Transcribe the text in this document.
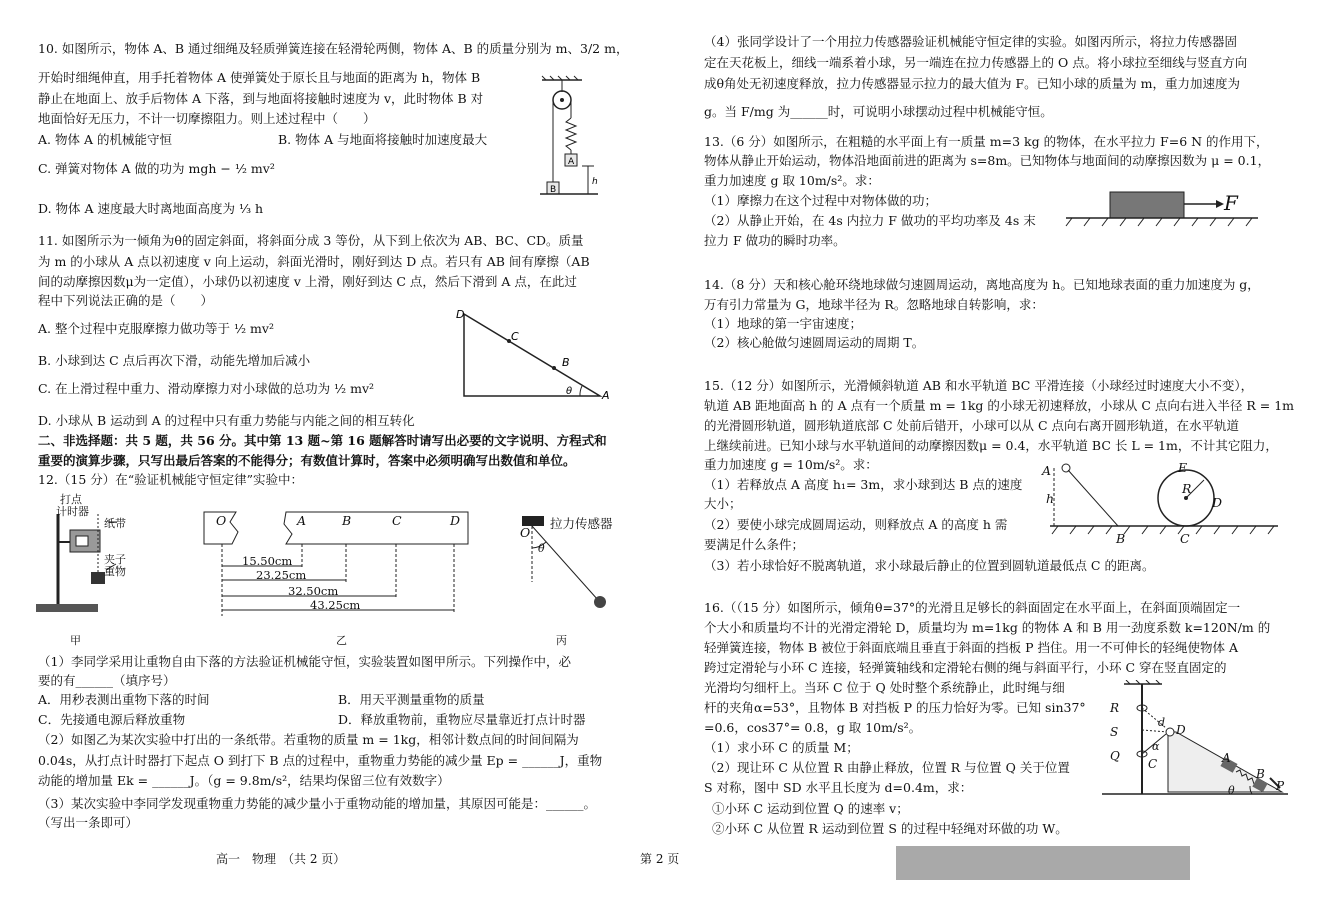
10. 如图所示，物体 A、B 通过细绳及轻质弹簧连接在轻滑轮两侧，物体 A、B 的质量分别为 m、3/2 m，
开始时细绳伸直，用手托着物体 A 使弹簧处于原长且与地面的距离为 h，物体 B
静止在地面上、放手后物体 A 下落，到与地面将接触时速度为 v，此时物体 B 对
地面恰好无压力，不计一切摩擦阻力。则上述过程中（　　）
A. 物体 A 的机械能守恒	B. 物体 A 与地面将接触时加速度最大
C. 弹簧对物体 A 做的功为 mgh − ½ mv²
D. 物体 A 速度最大时离地面高度为 ⅓ h
A
B
h
11. 如图所示为一倾角为θ的固定斜面，将斜面分成 3 等份，从下到上依次为 AB、BC、CD。质量
为 m 的小球从 A 点以初速度 v 向上运动，斜面光滑时，刚好到达 D 点。若只有 AB 间有摩擦（AB
间的动摩擦因数μ为一定值），小球仍以初速度 v 上滑，刚好到达 C 点，然后下滑到 A 点，在此过
程中下列说法正确的是（　　）
A. 整个过程中克服摩擦力做功等于 ½ mv²
B. 小球到达 C 点后再次下滑，动能先增加后减小
C. 在上滑过程中重力、滑动摩擦力对小球做的总功为 ½ mv²
D. 小球从 B 运动到 A 的过程中只有重力势能与内能之间的相互转化
D
C
B
A
θ
二、非选择题：共 5 题，共 56 分。其中第 13 题~第 16 题解答时请写出必要的文字说明、方程式和
重要的演算步骤，只写出最后答案的不能得分；有数值计算时，答案中必须明确写出数值和单位。
12.（15 分）在“验证机械能守恒定律”实验中：
打点
计时器
纸带
夹子
重物
甲
O	A	B	C	D
15.50cm
23.25cm
32.50cm
43.25cm
乙
拉力传感器
O
θ
丙
（1）李同学采用让重物自由下落的方法验证机械能守恒，实验装置如图甲所示。下列操作中，必
要的有______（填序号）
A．用秒表测出重物下落的时间	B．用天平测量重物的质量
C．先接通电源后释放重物	D．释放重物前，重物应尽量靠近打点计时器
（2）如图乙为某次实验中打出的一条纸带。若重物的质量 m = 1kg，相邻计数点间的时间间隔为
0.04s，从打点计时器打下起点 O 到打下 B 点的过程中，重物重力势能的减少量 Ep = ______J，重物
动能的增加量 Ek = ______J。（g = 9.8m/s²，结果均保留三位有效数字）
（3）某次实验中李同学发现重物重力势能的减少量小于重物动能的增加量，其原因可能是：______。
（写出一条即可）
高一　物理　（共 2 页）
（4）张同学设计了一个用拉力传感器验证机械能守恒定律的实验。如图丙所示，将拉力传感器固
定在天花板上，细线一端系着小球，另一端连在拉力传感器上的 O 点。将小球拉至细线与竖直方向
成θ角处无初速度释放，拉力传感器显示拉力的最大值为 F。已知小球的质量为 m，重力加速度为
g。当 F/mg 为______时，可说明小球摆动过程中机械能守恒。
13.（6 分）如图所示，在粗糙的水平面上有一质量 m=3 kg 的物体，在水平拉力 F=6 N 的作用下，
物体从静止开始运动，物体沿地面前进的距离为 s=8m。已知物体与地面间的动摩擦因数为 μ = 0.1，
重力加速度 g 取 10m/s²。求：
（1）摩擦力在这个过程中对物体做的功；
（2）从静止开始，在 4s 内拉力 F 做功的平均功率及 4s 末
拉力 F 做功的瞬时功率。
F
14.（8 分）天和核心舱环绕地球做匀速圆周运动，离地高度为 h。已知地球表面的重力加速度为 g，
万有引力常量为 G，地球半径为 R。忽略地球自转影响，求：
（1）地球的第一宇宙速度；
（2）核心舱做匀速圆周运动的周期 T。
15.（12 分）如图所示，光滑倾斜轨道 AB 和水平轨道 BC 平滑连接（小球经过时速度大小不变），
轨道 AB 距地面高 h 的 A 点有一个质量 m = 1kg 的小球无初速释放，小球从 C 点向右进入半径 R = 1m
的光滑圆形轨道，圆形轨道底部 C 处前后错开，小球可以从 C 点向右离开圆形轨道，在水平轨道
上继续前进。已知小球与水平轨道间的动摩擦因数μ = 0.4，水平轨道 BC 长 L = 1m，不计其它阻力，
重力加速度 g = 10m/s²。求：
（1）若释放点 A 高度 h₁= 3m，求小球到达 B 点的速度
大小；
（2）要使小球完成圆周运动，则释放点 A 的高度 h 需
要满足什么条件；
（3）若小球恰好不脱离轨道，求小球最后静止的位置到圆轨道最低点 C 的距离。
A
h
B	C
D
E
R
16.（（15 分）如图所示，倾角θ=37°的光滑且足够长的斜面固定在水平面上，在斜面顶端固定一
个大小和质量均不计的光滑定滑轮 D，质量均为 m=1kg 的物体 A 和 B 用一劲度系数 k=120N/m 的
轻弹簧连接，物体 B 被位于斜面底端且垂直于斜面的挡板 P 挡住。用一不可伸长的轻绳使物体 A
跨过定滑轮与小环 C 连接，轻弹簧轴线和定滑轮右侧的绳与斜面平行，小环 C 穿在竖直固定的
光滑均匀细杆上。当环 C 位于 Q 处时整个系统静止，此时绳与细
杆的夹角α=53°，且物体 B 对挡板 P 的压力恰好为零。已知 sin37°
=0.6，cos37°= 0.8，g 取 10m/s²。
（1）求小环 C 的质量 M；
（2）现让环 C 从位置 R 由静止释放，位置 R 与位置 Q 关于位置
S 对称，图中 SD 水平且长度为 d=0.4m，求：
①小环 C 运动到位置 Q 的速率 v；
②小环 C 从位置 R 运动到位置 S 的过程中轻绳对环做的功 W。
R
S
Q
D
d
α
C	A
B
P
θ
第 2 页
